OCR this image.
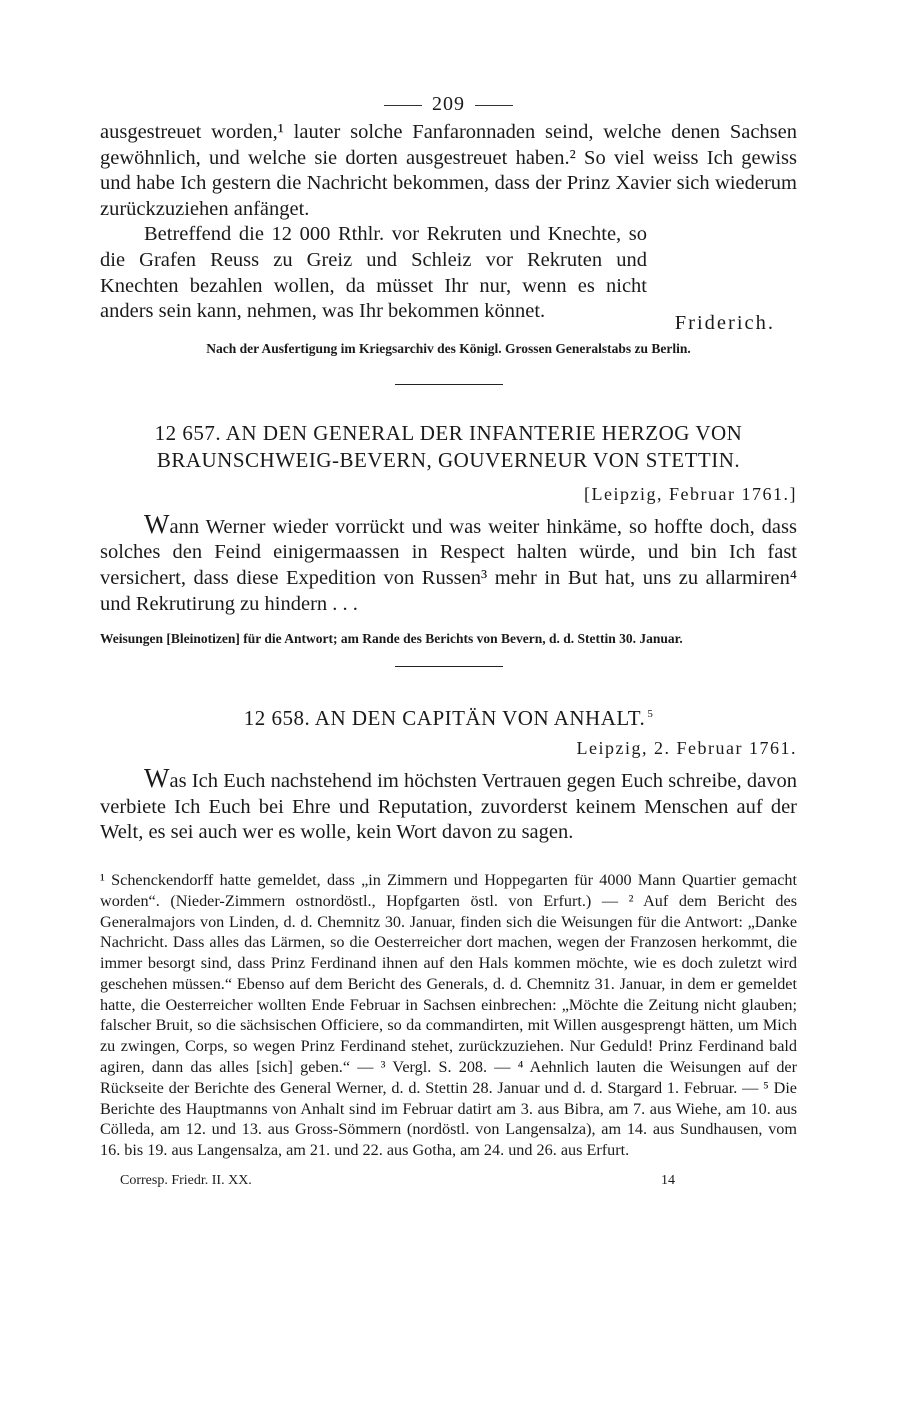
209

ausgestreuet worden,¹ lauter solche Fanfaronnaden seind, welche denen Sachsen gewöhnlich, und welche sie dorten ausgestreuet haben.² So viel weiss Ich gewiss und habe Ich gestern die Nachricht bekommen, dass der Prinz Xavier sich wiederum zurückzuziehen anfänget.

Betreffend die 12 000 Rthlr. vor Rekruten und Knechte, so die Grafen Reuss zu Greiz und Schleiz vor Rekruten und Knechten bezahlen wollen, da müsset Ihr nur, wenn es nicht anders sein kann, nehmen, was Ihr bekommen könnet.

Friderich.

Nach der Ausfertigung im Kriegsarchiv des Königl. Grossen Generalstabs zu Berlin.

12 657. AN DEN GENERAL DER INFANTERIE HERZOG VON BRAUNSCHWEIG-BEVERN, GOUVERNEUR VON STETTIN.

[Leipzig, Februar 1761.]

Wann Werner wieder vorrückt und was weiter hinkäme, so hoffte doch, dass solches den Feind einigermaassen in Respect halten würde, und bin Ich fast versichert, dass diese Expedition von Russen³ mehr in But hat, uns zu allarmiren⁴ und Rekrutirung zu hindern . . .

Weisungen [Bleinotizen] für die Antwort; am Rande des Berichts von Bevern, d. d. Stettin 30. Januar.

12 658. AN DEN CAPITÄN VON ANHALT. $^5$

Leipzig, 2. Februar 1761.

Was Ich Euch nachstehend im höchsten Vertrauen gegen Euch schreibe, davon verbiete Ich Euch bei Ehre und Reputation, zuvorderst keinem Menschen auf der Welt, es sei auch wer es wolle, kein Wort davon zu sagen.

¹ Schenckendorff hatte gemeldet, dass „in Zimmern und Hoppegarten für 4000 Mann Quartier gemacht worden“. (Nieder-Zimmern ostnordöstl., Hopfgarten östl. von Erfurt.) — ² Auf dem Bericht des Generalmajors von Linden, d. d. Chemnitz 30. Januar, finden sich die Weisungen für die Antwort: „Danke Nachricht. Dass alles das Lärmen, so die Oesterreicher dort machen, wegen der Franzosen herkommt, die immer besorgt sind, dass Prinz Ferdinand ihnen auf den Hals kommen möchte, wie es doch zuletzt wird geschehen müssen.“ Ebenso auf dem Bericht des Generals, d. d. Chemnitz 31. Januar, in dem er gemeldet hatte, die Oesterreicher wollten Ende Februar in Sachsen einbrechen: „Möchte die Zeitung nicht glauben; falscher Bruit, so die sächsischen Officiere, so da commandirten, mit Willen ausgesprengt hätten, um Mich zu zwingen, Corps, so wegen Prinz Ferdinand stehet, zurückzuziehen. Nur Geduld! Prinz Ferdinand bald agiren, dann das alles [sich] geben.“ — ³ Vergl. S. 208. — ⁴ Aehnlich lauten die Weisungen auf der Rückseite der Berichte des General Werner, d. d. Stettin 28. Januar und d. d. Stargard 1. Februar. — ⁵ Die Berichte des Hauptmanns von Anhalt sind im Februar datirt am 3. aus Bibra, am 7. aus Wiehe, am 10. aus Cölleda, am 12. und 13. aus Gross-Sömmern (nordöstl. von Langensalza), am 14. aus Sundhausen, vom 16. bis 19. aus Langensalza, am 21. und 22. aus Gotha, am 24. und 26. aus Erfurt.

Corresp. Friedr. II. XX.	14
